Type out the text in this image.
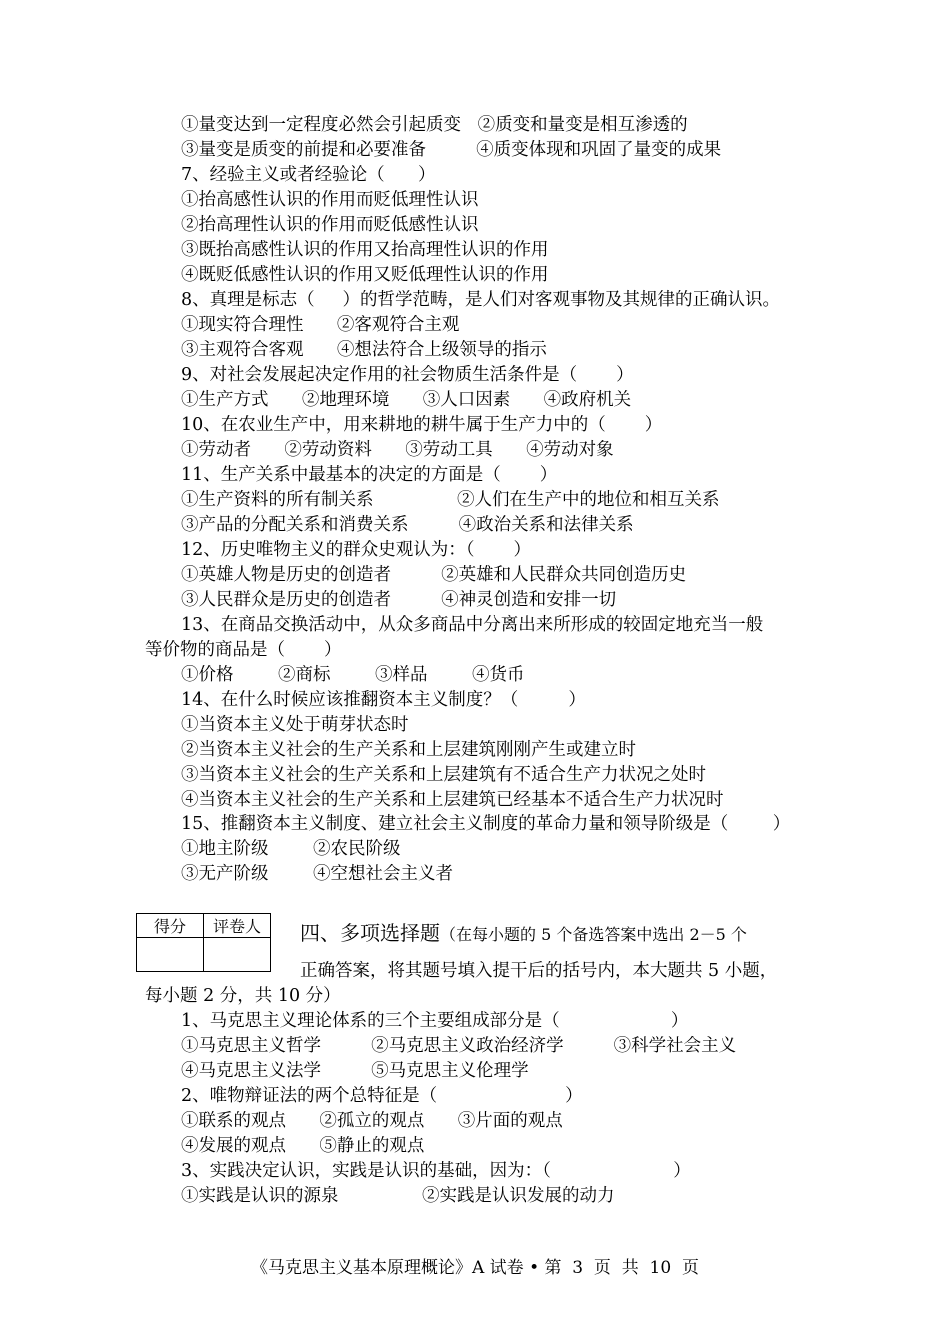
①量变达到一定程度必然会引起质变   ②质变和量变是相互渗透的
③量变是质变的前提和必要准备         ④质变体现和巩固了量变的成果
7、经验主义或者经验论（      ）
①抬高感性认识的作用而贬低理性认识
②抬高理性认识的作用而贬低感性认识
③既抬高感性认识的作用又抬高理性认识的作用
④既贬低感性认识的作用又贬低理性认识的作用
8、真理是标志（     ）的哲学范畴，是人们对客观事物及其规律的正确认识。
①现实符合理性      ②客观符合主观
③主观符合客观      ④想法符合上级领导的指示
9、对社会发展起决定作用的社会物质生活条件是（       ）
①生产方式      ②地理环境      ③人口因素      ④政府机关
10、在农业生产中，用来耕地的耕牛属于生产力中的（       ）
①劳动者      ②劳动资料      ③劳动工具      ④劳动对象
11、生产关系中最基本的决定的方面是（       ）
①生产资料的所有制关系               ②人们在生产中的地位和相互关系
③产品的分配关系和消费关系         ④政治关系和法律关系
12、历史唯物主义的群众史观认为：（       ）
①英雄人物是历史的创造者         ②英雄和人民群众共同创造历史
③人民群众是历史的创造者         ④神灵创造和安排一切
13、在商品交换活动中，从众多商品中分离出来所形成的较固定地充当一般
等价物的商品是（       ）
①价格        ②商标        ③样品        ④货币
14、在什么时候应该推翻资本主义制度？（         ）
①当资本主义处于萌芽状态时
②当资本主义社会的生产关系和上层建筑刚刚产生或建立时
③当资本主义社会的生产关系和上层建筑有不适合生产力状况之处时
④当资本主义社会的生产关系和上层建筑已经基本不适合生产力状况时
15、推翻资本主义制度、建立社会主义制度的革命力量和领导阶级是（        ）
①地主阶级        ②农民阶级
③无产阶级        ④空想社会主义者
得分	评卷人
	四、多项选择题（在每小题的 5 个备选答案中选出 2－5 个
正确答案，将其题号填入提干后的括号内，本大题共 5 小题，
每小题 2 分，共 10 分）
1、马克思主义理论体系的三个主要组成部分是（                    ）
①马克思主义哲学         ②马克思主义政治经济学         ③科学社会主义
④马克思主义法学         ⑤马克思主义伦理学
2、唯物辩证法的两个总特征是（                       ）
①联系的观点      ②孤立的观点      ③片面的观点
④发展的观点      ⑤静止的观点
3、实践决定认识，实践是认识的基础，因为：（                      ）
①实践是认识的源泉               ②实践是认识发展的动力
《马克思主义基本原理概论》A 试卷 • 第  3  页  共  10  页
